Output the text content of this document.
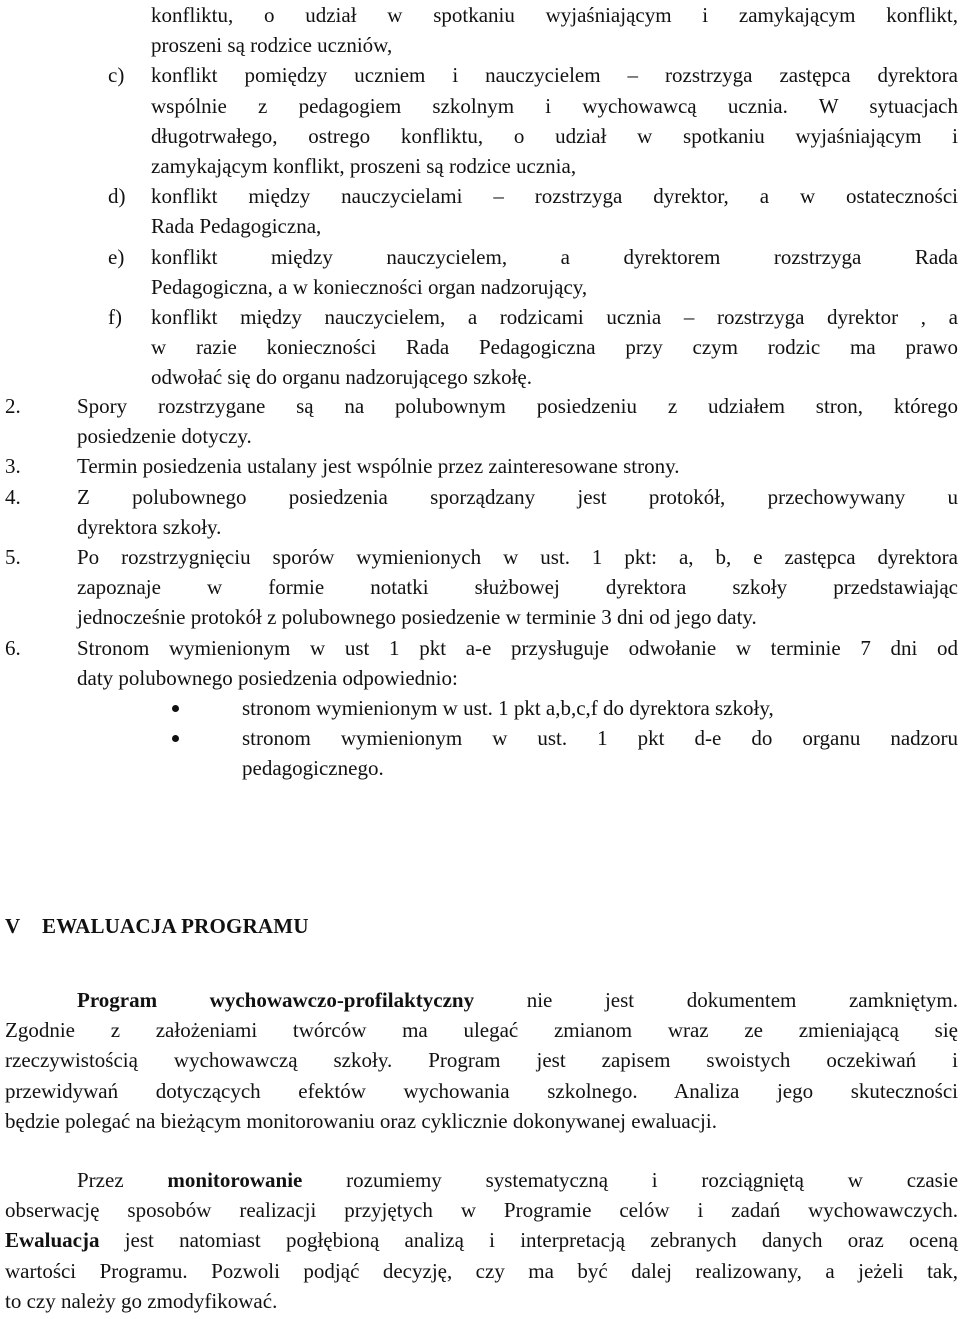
konfliktu, o udział w spotkaniu wyjaśniającym i zamykającym konflikt,
proszeni są rodzice uczniów,
c) konflikt pomiędzy uczniem i nauczycielem – rozstrzyga zastępca dyrektora
wspólnie z pedagogiem szkolnym i wychowawcą ucznia. W sytuacjach
długotrwałego, ostrego konfliktu, o udział w spotkaniu wyjaśniającym i
zamykającym konflikt, proszeni są rodzice ucznia,
d) konflikt między nauczycielami – rozstrzyga dyrektor, a w ostateczności
Rada Pedagogiczna,
e) konflikt między nauczycielem, a dyrektorem rozstrzyga Rada
Pedagogiczna, a w konieczności organ nadzorujący,
f) konflikt między nauczycielem, a rodzicami ucznia – rozstrzyga dyrektor , a
w razie konieczności Rada Pedagogiczna przy czym rodzic ma prawo
odwołać się do organu nadzorującego szkołę.
2.	Spory rozstrzygane są na polubownym posiedzeniu z udziałem stron, którego
posiedzenie dotyczy.
3.	Termin posiedzenia ustalany jest wspólnie przez zainteresowane strony.
4.	Z polubownego posiedzenia sporządzany jest protokół, przechowywany u
dyrektora szkoły.
5.	Po rozstrzygnięciu sporów wymienionych w ust. 1 pkt: a, b, e zastępca dyrektora
zapoznaje w formie notatki służbowej dyrektora szkoły przedstawiając
jednocześnie protokół z polubownego posiedzenie w terminie 3 dni od jego daty.
6.	Stronom wymienionym w ust 1 pkt a-e przysługuje odwołanie w terminie 7 dni od
daty polubownego posiedzenia odpowiednio:
stronom wymienionym w ust. 1 pkt a,b,c,f do dyrektora szkoły,
stronom wymienionym w ust. 1 pkt d-e do organu nadzoru
pedagogicznego.
V EWALUACJA PROGRAMU
Program wychowawczo-profilaktyczny	nie jest dokumentem zamkniętym.
Zgodnie z założeniami twórców ma ulegać zmianom wraz ze zmieniającą się
rzeczywistością wychowawczą szkoły. Program jest zapisem swoistych oczekiwań i
przewidywań dotyczących efektów wychowania szkolnego. Analiza jego skuteczności
będzie polegać na bieżącym monitorowaniu oraz cyklicznie dokonywanej ewaluacji.
Przez monitorowanie rozumiemy systematyczną i rozciągniętą w czasie
obserwację sposobów realizacji przyjętych w Programie celów i zadań wychowawczych.
Ewaluacja jest natomiast pogłębioną analizą i interpretacją zebranych danych oraz oceną
wartości Programu. Pozwoli podjąć decyzję, czy ma być dalej realizowany, a jeżeli tak,
to czy należy go zmodyfikować.
